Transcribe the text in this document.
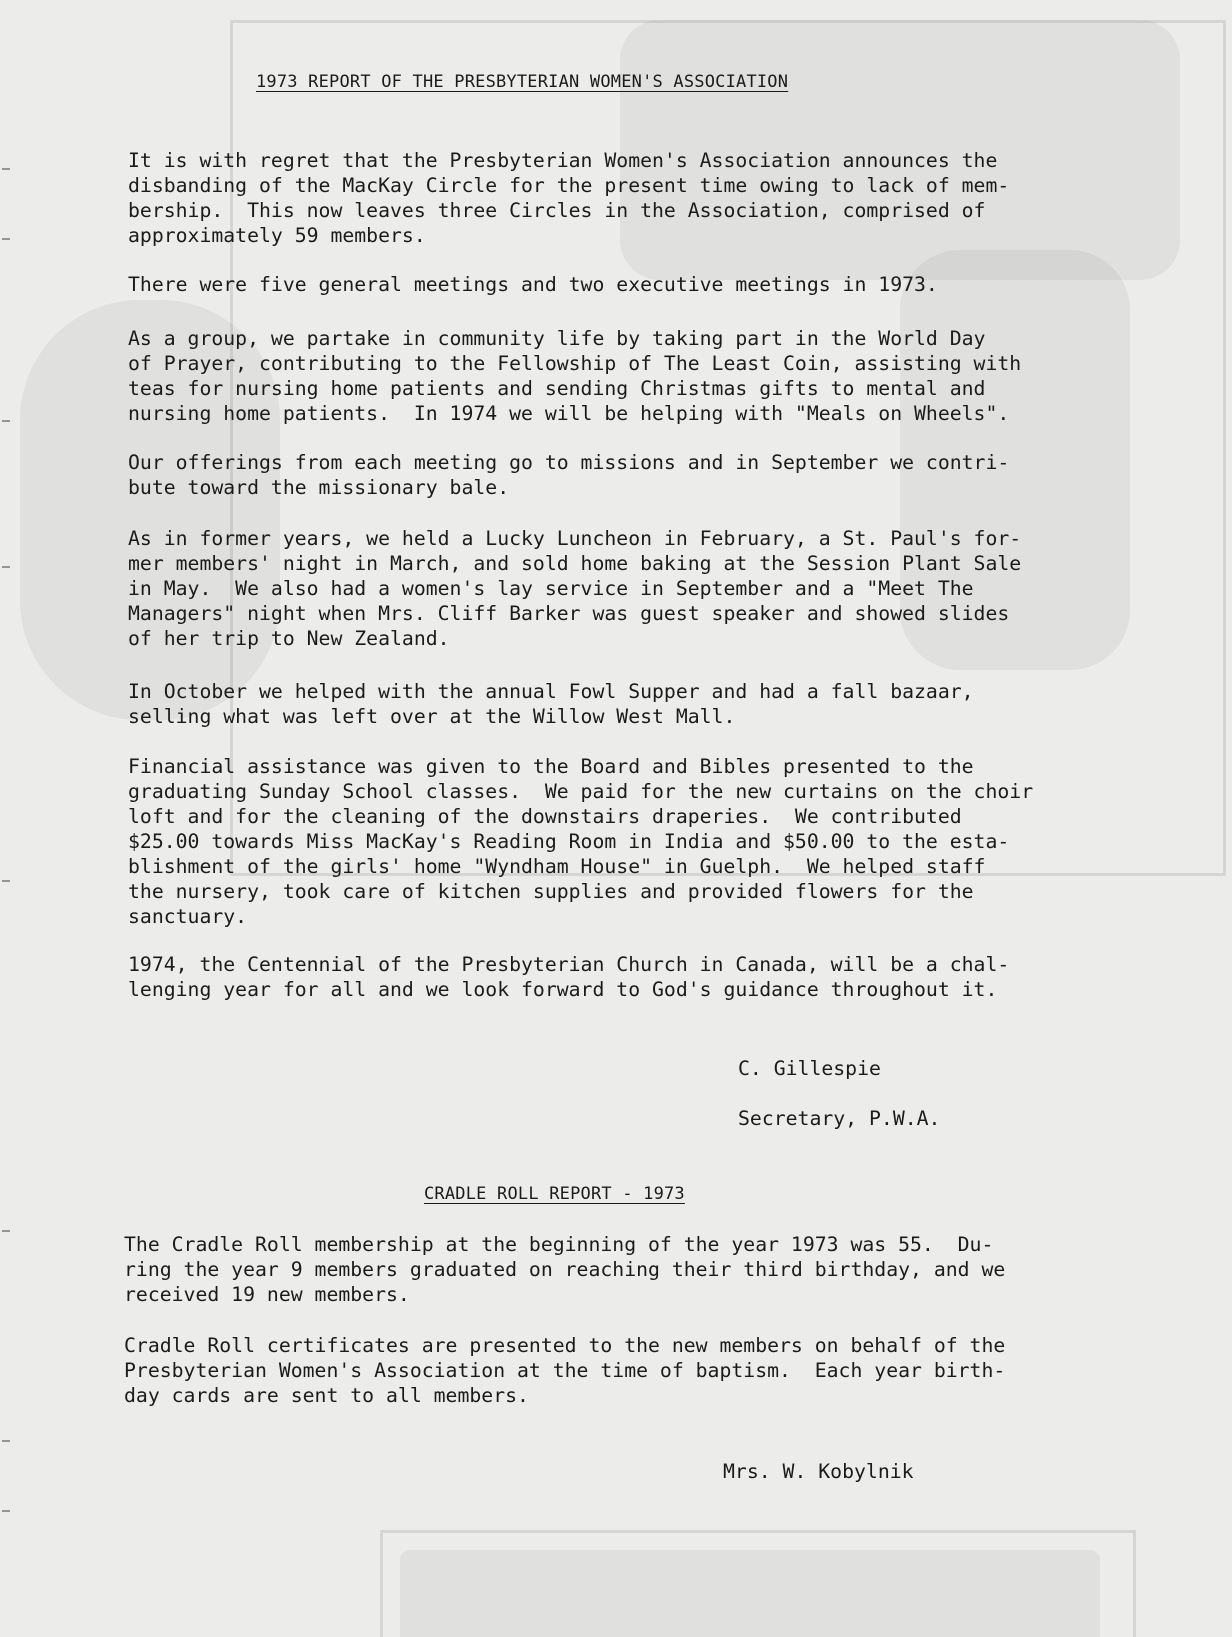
1973 REPORT OF THE PRESBYTERIAN WOMEN'S ASSOCIATION
It is with regret that the Presbyterian Women's Association announces the
disbanding of the MacKay Circle for the present time owing to lack of mem-
bership.  This now leaves three Circles in the Association, comprised of
approximately 59 members.
There were five general meetings and two executive meetings in 1973.
As a group, we partake in community life by taking part in the World Day
of Prayer, contributing to the Fellowship of The Least Coin, assisting with
teas for nursing home patients and sending Christmas gifts to mental and
nursing home patients.  In 1974 we will be helping with "Meals on Wheels".
Our offerings from each meeting go to missions and in September we contri-
bute toward the missionary bale.
As in former years, we held a Lucky Luncheon in February, a St. Paul's for-
mer members' night in March, and sold home baking at the Session Plant Sale
in May.  We also had a women's lay service in September and a "Meet The
Managers" night when Mrs. Cliff Barker was guest speaker and showed slides
of her trip to New Zealand.
In October we helped with the annual Fowl Supper and had a fall bazaar,
selling what was left over at the Willow West Mall.
Financial assistance was given to the Board and Bibles presented to the
graduating Sunday School classes.  We paid for the new curtains on the choir
loft and for the cleaning of the downstairs draperies.  We contributed
$25.00 towards Miss MacKay's Reading Room in India and $50.00 to the esta-
blishment of the girls' home "Wyndham House" in Guelph.  We helped staff
the nursery, took care of kitchen supplies and provided flowers for the
sanctuary.
1974, the Centennial of the Presbyterian Church in Canada, will be a chal-
lenging year for all and we look forward to God's guidance throughout it.
C. Gillespie
Secretary, P.W.A.
CRADLE ROLL REPORT - 1973
The Cradle Roll membership at the beginning of the year 1973 was 55.  Du-
ring the year 9 members graduated on reaching their third birthday, and we
received 19 new members.
Cradle Roll certificates are presented to the new members on behalf of the
Presbyterian Women's Association at the time of baptism.  Each year birth-
day cards are sent to all members.
Mrs. W. Kobylnik
